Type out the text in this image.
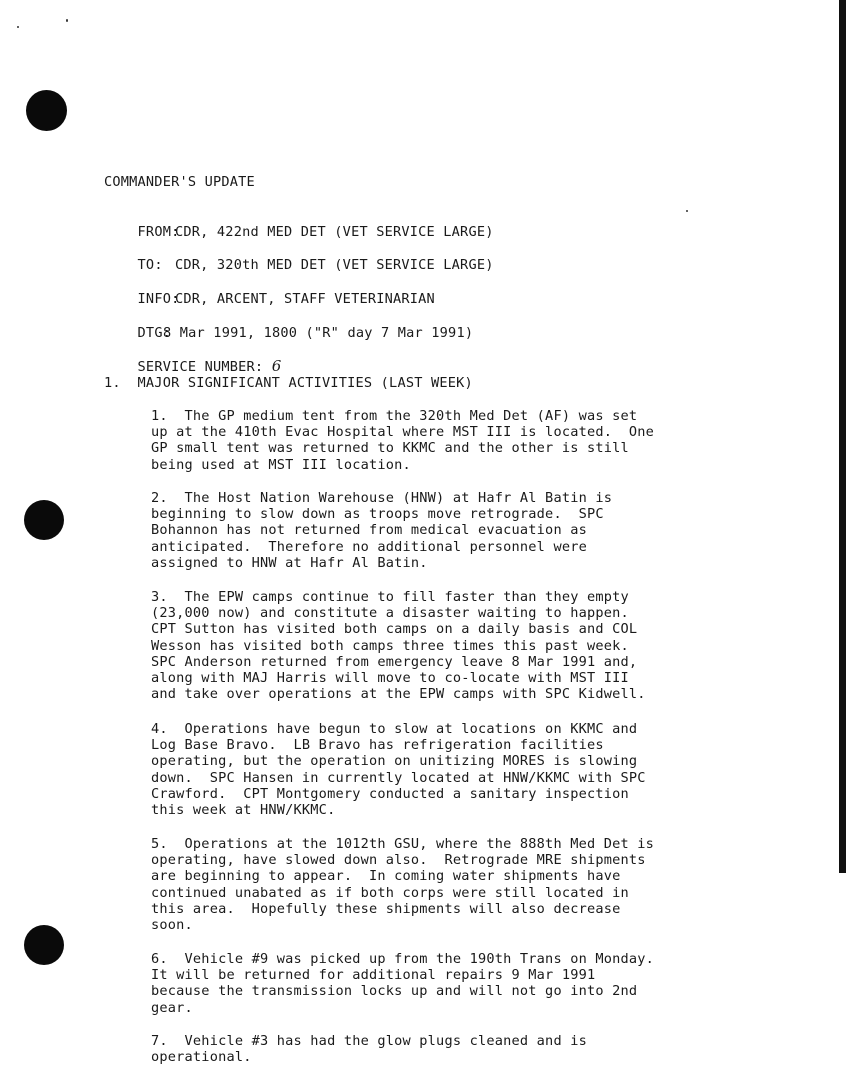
COMMANDER'S UPDATE

FROM:
CDR, 422nd MED DET (VET SERVICE LARGE)

TO: CDR, 320th MED DET (VET SERVICE LARGE)

INFO:
CDR, ARCENT, STAFF VETERINARIAN

DTG:
8 Mar 1991, 1800 ("R" day 7 Mar 1991)

SERVICE NUMBER: 6

1.  MAJOR SIGNIFICANT ACTIVITIES (LAST WEEK)
1.  The GP medium tent from the 320th Med Det (AF) was set
up at the 410th Evac Hospital where MST III is located.  One
GP small tent was returned to KKMC and the other is still
being used at MST III location.
2.  The Host Nation Warehouse (HNW) at Hafr Al Batin is
beginning to slow down as troops move retrograde.  SPC
Bohannon has not returned from medical evacuation as
anticipated.  Therefore no additional personnel were
assigned to HNW at Hafr Al Batin.
3.  The EPW camps continue to fill faster than they empty
(23,000 now) and constitute a disaster waiting to happen.
CPT Sutton has visited both camps on a daily basis and COL
Wesson has visited both camps three times this past week.
SPC Anderson returned from emergency leave 8 Mar 1991 and,
along with MAJ Harris will move to co-locate with MST III
and take over operations at the EPW camps with SPC Kidwell.
4.  Operations have begun to slow at locations on KKMC and
Log Base Bravo.  LB Bravo has refrigeration facilities
operating, but the operation on unitizing MORES is slowing
down.  SPC Hansen in currently located at HNW/KKMC with SPC
Crawford.  CPT Montgomery conducted a sanitary inspection
this week at HNW/KKMC.
5.  Operations at the 1012th GSU, where the 888th Med Det is
operating, have slowed down also.  Retrograde MRE shipments
are beginning to appear.  In coming water shipments have
continued unabated as if both corps were still located in
this area.  Hopefully these shipments will also decrease
soon.
6.  Vehicle #9 was picked up from the 190th Trans on Monday.
It will be returned for additional repairs 9 Mar 1991
because the transmission locks up and will not go into 2nd
gear.
7.  Vehicle #3 has had the glow plugs cleaned and is
operational.
